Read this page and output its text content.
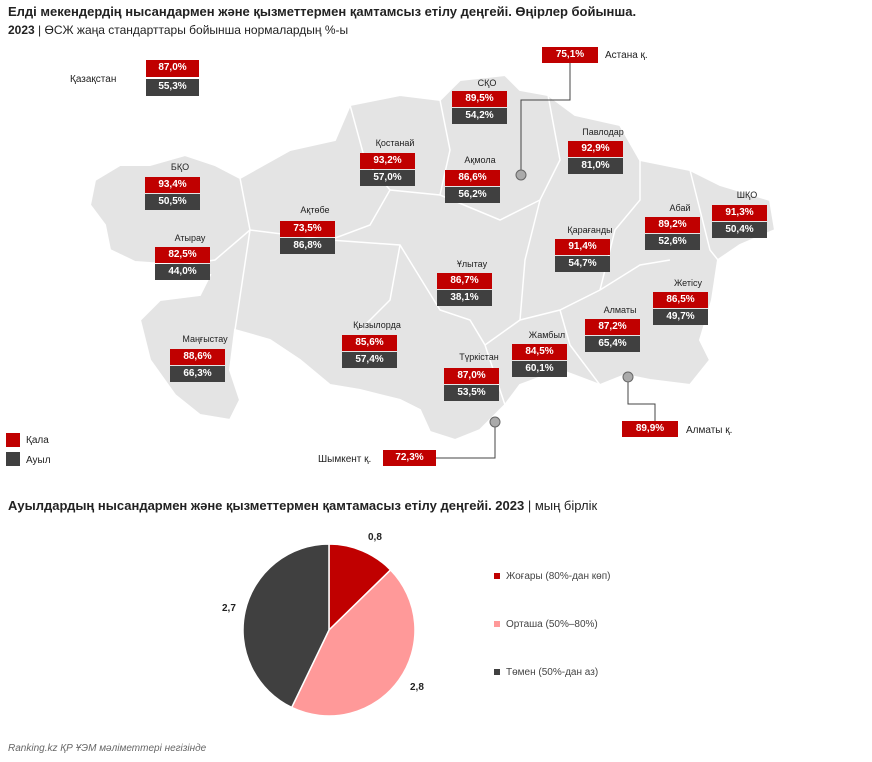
Елді мекендердің нысандармен және қызметтермен қамтамсыз етілу деңгейі. Өңірлер бойынша.
2023 | ӨСЖ жаңа стандарттары бойынша нормалардың %-ы
Қазақстан
87,0%
55,3%	СҚО
89,5%
54,2%
Қостанай
93,2%
57,0%
Ақмола
86,6%
56,2%
Павлодар
92,9%
81,0%
БҚО
93,4%
50,5%
Ақтөбе
73,5%
86,8%
Атырау
82,5%
44,0%
Қарағанды
91,4%
54,7%
Абай
89,2%
52,6%
ШҚО
91,3%
50,4%
Ұлытау
86,7%
38,1%
Жетісу
86,5%
49,7%
Маңғыстау
88,6%
66,3%
Қызылорда
85,6%
57,4%
Алматы
87,2%
65,4%
Жамбыл
84,5%
60,1%
Түркістан
87,0%
53,5%
75,1%	Астана қ.
89,9%	Алматы қ.
72,3%
Шымкент қ.
Қала
Ауыл
Ауылдардың нысандармен және қызметтермен қамтамасыз етілу деңгейі. 2023 | мың бірлік
0,8
2,8
2,7
Жоғары (80%-дан көп)
Орташа (50%–80%)
Төмен (50%-дан аз)
Ranking.kz ҚР ҰЭМ мәліметтері негізінде
